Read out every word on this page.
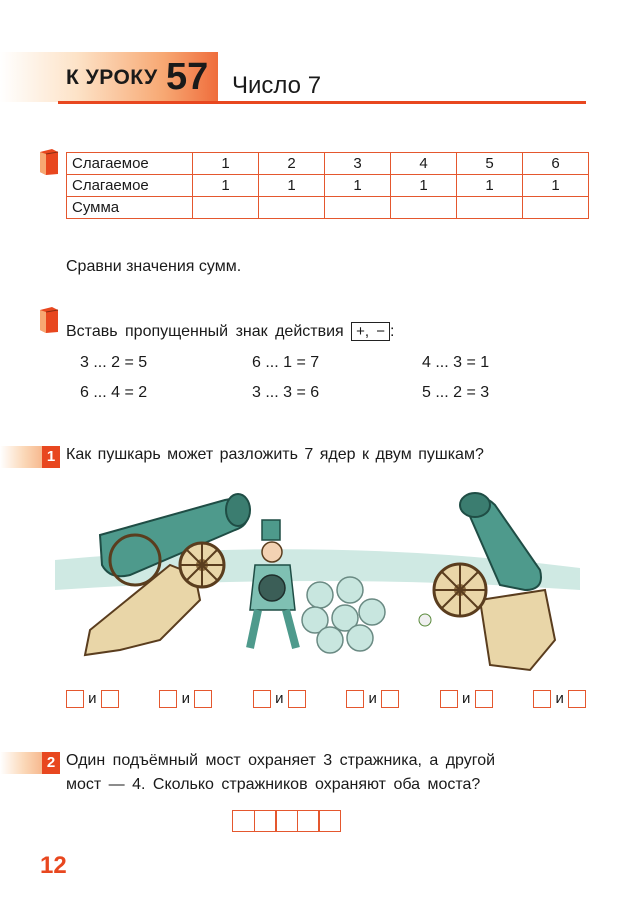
К УРОКУ 57 Число 7
Слагаемое	1	2	3	4	5	6
Слагаемое	1	1	1	1	1	1
Сумма						
Сравни значения сумм.
Вставь пропущенный знак действия +, − :
3 ... 2 = 5	6 ... 1 = 7	4 ... 3 = 1
6 ... 4 = 2	3 ... 3 = 6	5 ... 2 = 3
1 Как пушкарь может разложить 7 ядер к двум пушкам?
и	и	и	и	и	и
2 Один подъёмный мост охраняет 3 стражника, а другой
мост — 4. Сколько стражников охраняют оба моста?
12
